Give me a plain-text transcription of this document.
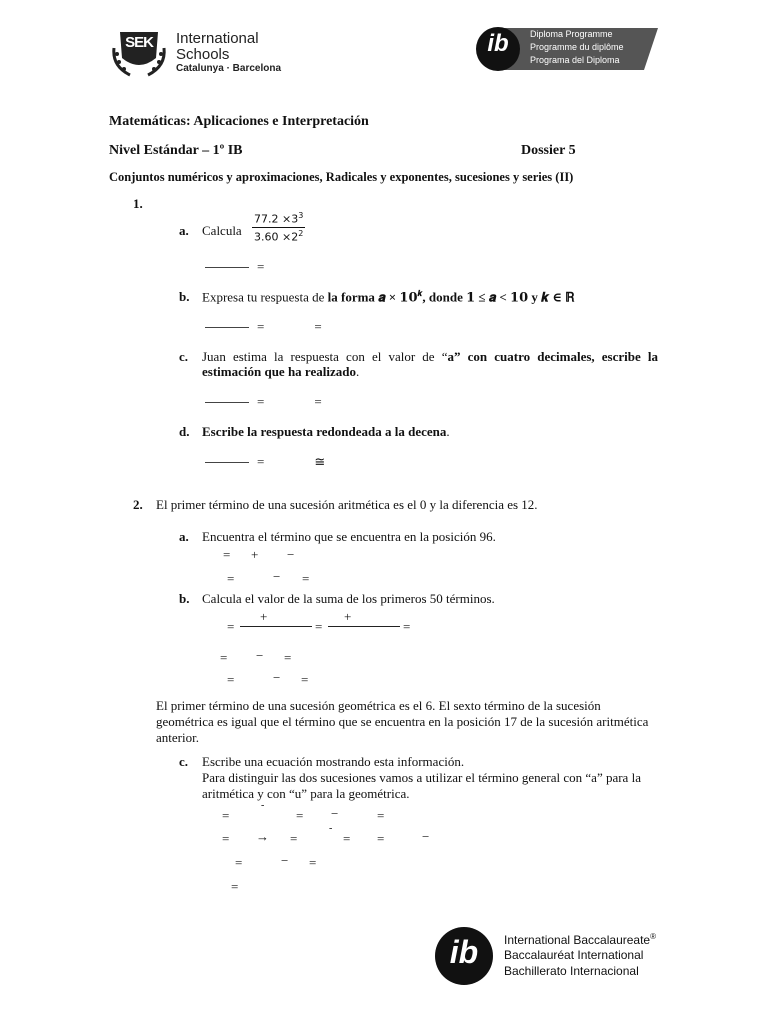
SEK International
Schools
Catalunya · Barcelona
ib	Diploma Programme
Programme du diplôme
Programa del Diploma
Matemáticas: Aplicaciones e Interpretación
Nivel Estándar – 1º IB	Dossier 5
Conjuntos numéricos y aproximaciones, Radicales y exponentes, sucesiones y series (II)
1.
a. Calcula
$77.2 \times 3^3$
$3.60 \times 2^2$
=
b. Expresa tu respuesta de la forma 𝒂 × $𝟏𝟎^𝒌$, donde 𝟏 ≤ 𝒂 < 𝟏𝟎 y 𝒌 ∈ ℝ
=	=
c. Juan estima la respuesta con el valor de “a” con cuatro decimales, escribe la estimación que ha realizado.
=	=
d. Escribe la respuesta redondeada a la decena.
=	≅
2. El primer término de una sucesión aritmética es el 0 y la diferencia es 12.
a. Encuentra el término que se encuentra en la posición 96.
= + −
=	− =
b. Calcula el valor de la suma de los primeros 50 términos.
=
+
=
+
=
= − =
=	− =
El primer término de una sucesión geométrica es el 6. El sexto término de la sucesión
geométrica es igual que el término que se encuentra en la posición 17 de la sucesión aritmética
anterior.
c. Escribe una ecuación mostrando esta información.
Para distinguir las dos sucesiones vamos a utilizar el término general con “a” para la
aritmética y con “u” para la geométrica.
=
-
= −	=
= → =
-
= =	−
=	− =
=
ib	International Baccalaureate®
Baccalauréat International
Bachillerato Internacional
